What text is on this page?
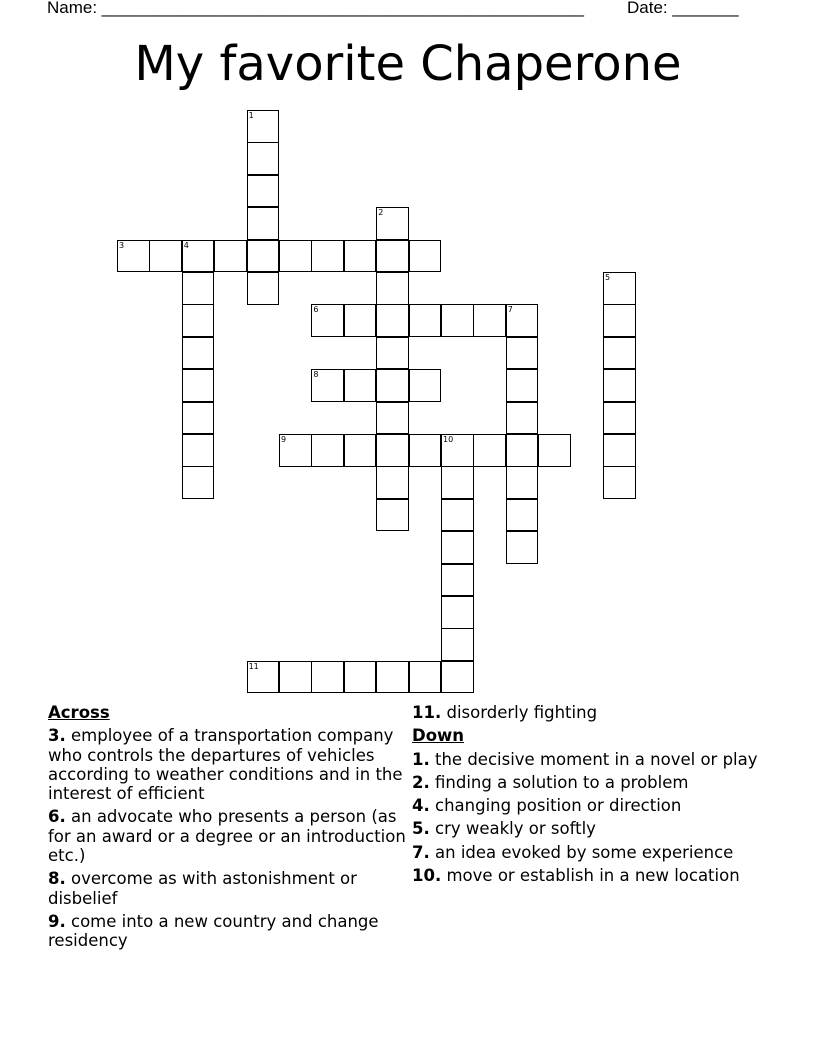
Name: ___________________________________________________

	Date: _______

My favorite Chaperone
1
2
3	4
5
6	7
8
9	10
11
Across
3. employee of a transportation company who controls the departures of vehicles according to weather conditions and in the interest of efficient
6. an advocate who presents a person (as for an award or a degree or an introduction etc.)
8. overcome as with astonishment or disbelief
9. come into a new country and change residency
11. disorderly fighting
Down
1. the decisive moment in a novel or play
2. finding a solution to a problem
4. changing position or direction
5. cry weakly or softly
7. an idea evoked by some experience
10. move or establish in a new location
